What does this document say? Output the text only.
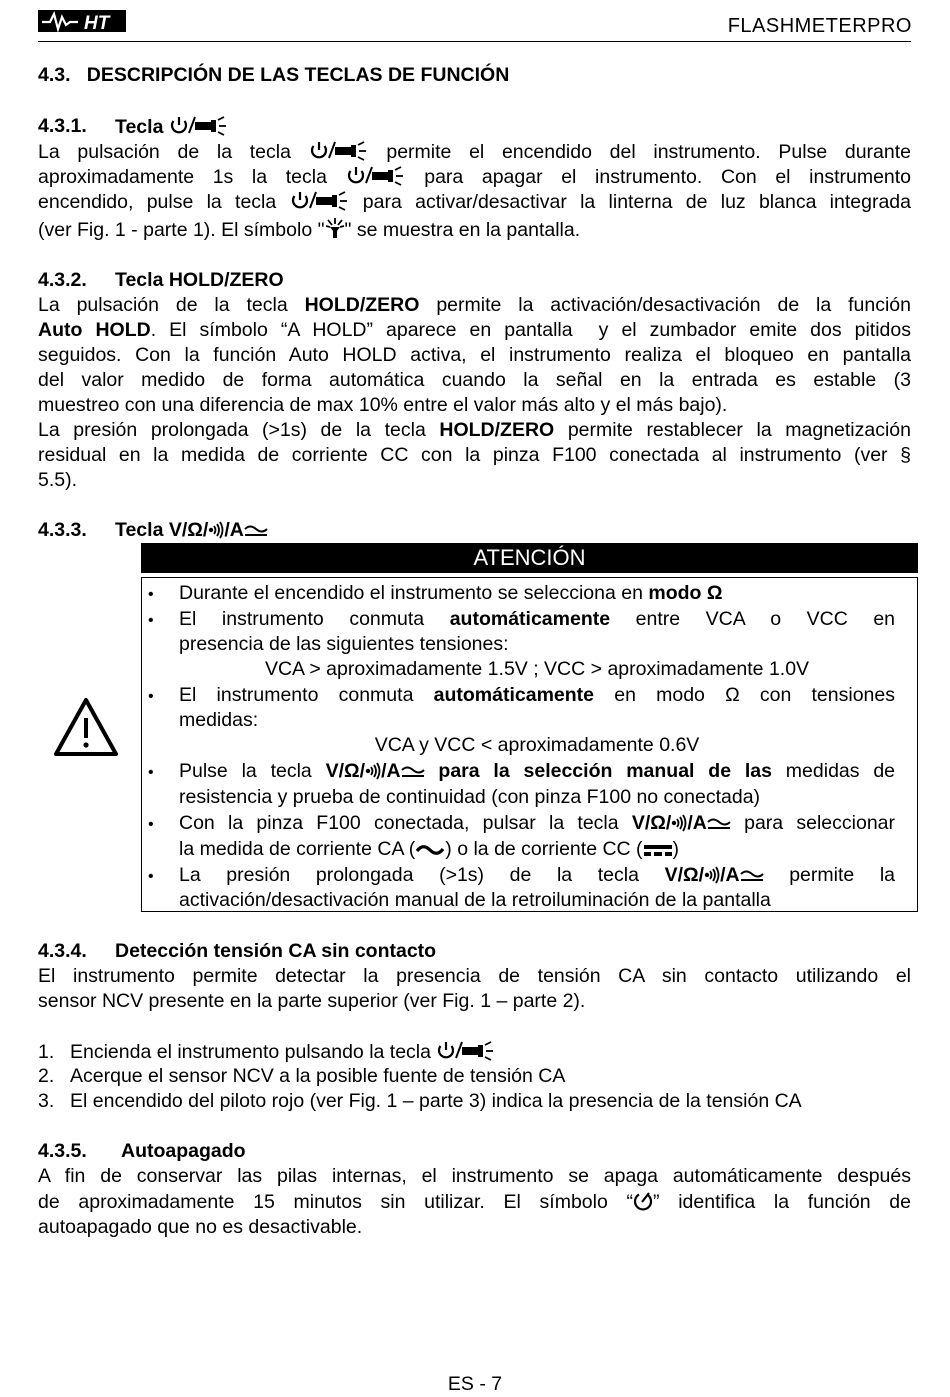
HT	FLASHMETERPRO
4.3.   DESCRIPCIÓN DE LAS TECLAS DE FUNCIÓN
4.3.1. Tecla
La pulsación de la tecla	permite el encendido del instrumento. Pulse durante
aproximadamente 1s la tecla	para apagar el instrumento. Con el instrumento
encendido, pulse la tecla	para activar/desactivar la linterna de luz blanca integrada
(ver Fig. 1 - parte 1). El símbolo " " se muestra en la pantalla.
4.3.2. Tecla HOLD/ZERO
La pulsación de la tecla HOLD/ZERO permite la activación/desactivación de la función
Auto HOLD. El símbolo “A HOLD” aparece en pantalla  y el zumbador emite dos pitidos
seguidos. Con la función Auto HOLD activa, el instrumento realiza el bloqueo en pantalla
del valor medido de forma automática cuando la señal en la entrada es estable (3
muestreo con una diferencia de max 10% entre el valor más alto y el más bajo).
La presión prolongada (>1s) de la tecla HOLD/ZERO permite restablecer la magnetización
residual en la medida de corriente CC con la pinza F100 conectada al instrumento (ver §
5.5).
4.3.3. Tecla V/Ω/ /A
ATENCIÓN
• Durante el encendido el instrumento se selecciona en modo Ω
• El instrumento conmuta automáticamente entre VCA o VCC en
presencia de las siguientes tensiones:
VCA > aproximadamente 1.5V ; VCC > aproximadamente 1.0V
• El instrumento conmuta automáticamente en modo Ω con tensiones
medidas:
VCA y VCC < aproximadamente 0.6V
• Pulse la tecla V/Ω/ /A para la selección manual de las medidas de
resistencia y prueba de continuidad (con pinza F100 no conectada)
• Con la pinza F100 conectada, pulsar la tecla V/Ω/ /A para seleccionar
la medida de corriente CA ( ) o la de corriente CC ( )
• La presión prolongada (>1s) de la tecla V/Ω/ /A	permite la
activación/desactivación manual de la retroiluminación de la pantalla
4.3.4. Detección tensión CA sin contacto
El instrumento permite detectar la presencia de tensión CA sin contacto utilizando el
sensor NCV presente en la parte superior (ver Fig. 1 – parte 2).
1. Encienda el instrumento pulsando la tecla
2. Acerque el sensor NCV a la posible fuente de tensión CA
3. El encendido del piloto rojo (ver Fig. 1 – parte 3) indica la presencia de la tensión CA
4.3.5. Autoapagado
A fin de conservar las pilas internas, el instrumento se apaga automáticamente después
de aproximadamente 15 minutos sin utilizar. El símbolo “ ” identifica la función de
autoapagado que no es desactivable.
ES - 7
